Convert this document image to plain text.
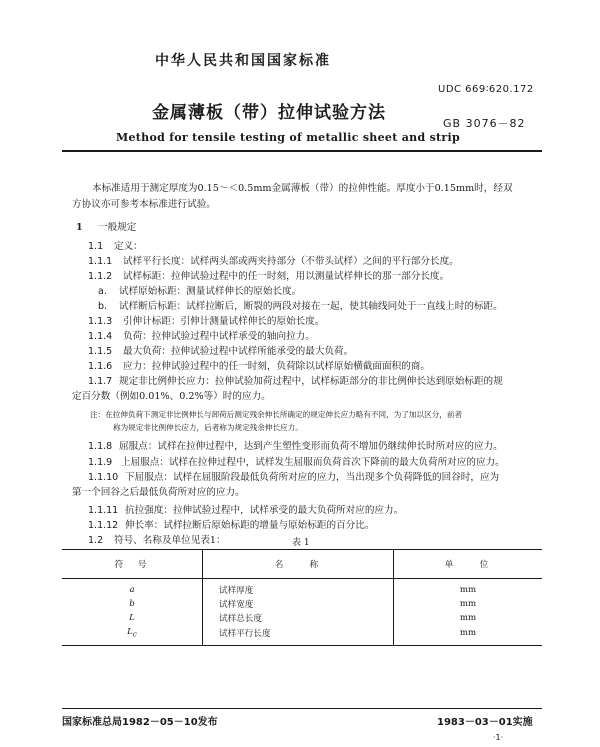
中华人民共和国国家标准
UDC 669∶620.172
金属薄板（带）拉伸试验方法
GB 3076－82
Method for tensile testing of metallic sheet and strip
本标准适用于测定厚度为0.15～＜0.5mm金属薄板（带）的拉伸性能。厚度小于0.15mm时，经双
方协议亦可参考本标准进行试验。
1 一般规定
1.1 定义：
1.1.1 试样平行长度：试样两头部或两夹持部分（不带头试样）之间的平行部分长度。
1.1.2 试样标距：拉伸试验过程中的任一时刻，用以测量试样伸长的那一部分长度。
a. 试样原始标距：测量试样伸长的原始长度。
b. 试样断后标距：试样拉断后，断裂的两段对接在一起，使其轴线同处于一直线上时的标距。
1.1.3 引伸计标距：引伸计测量试样伸长的原始长度。
1.1.4 负荷：拉伸试验过程中试样承受的轴向拉力。
1.1.5 最大负荷：拉伸试验过程中试样所能承受的最大负荷。
1.1.6 应力：拉伸试验过程中的任一时刻，负荷除以试样原始横截面面积的商。
1.1.7 规定非比例伸长应力：拉伸试验加荷过程中，试样标距部分的非比例伸长达到原始标距的规
定百分数（例如0.01%、0.2%等）时的应力。
注：在拉伸负荷下测定非比例伸长与卸荷后测定残余伸长所确定的规定伸长应力略有不同，为了加以区分，前者
称为规定非比例伸长应力，后者称为规定残余伸长应力。
1.1.8 屈服点：试样在拉伸过程中，达到产生塑性变形而负荷不增加仍继续伸长时所对应的应力。
1.1.9 上屈服点：试样在拉伸过程中，试样发生屈服而负荷首次下降前的最大负荷所对应的应力。
1.1.10 下屈服点：试样在屈服阶段最低负荷所对应的应力，当出现多个负荷降低的回谷时，应为
第一个回谷之后最低负荷所对应的应力。
1.1.11 抗拉强度：拉伸试验过程中，试样承受的最大负荷所对应的应力。
1.1.12 伸长率：试样拉断后原始标距的增量与原始标距的百分比。
1.2 符号、名称及单位见表1：	表 1
符　号	名　　称	单　　位
a	试样厚度	mm
b	试样宽度	mm
L	试样总长度	mm
$L_c$	试样平行长度	mm
国家标准总局1982－05－10发布	1983－03－01实施
·1·
